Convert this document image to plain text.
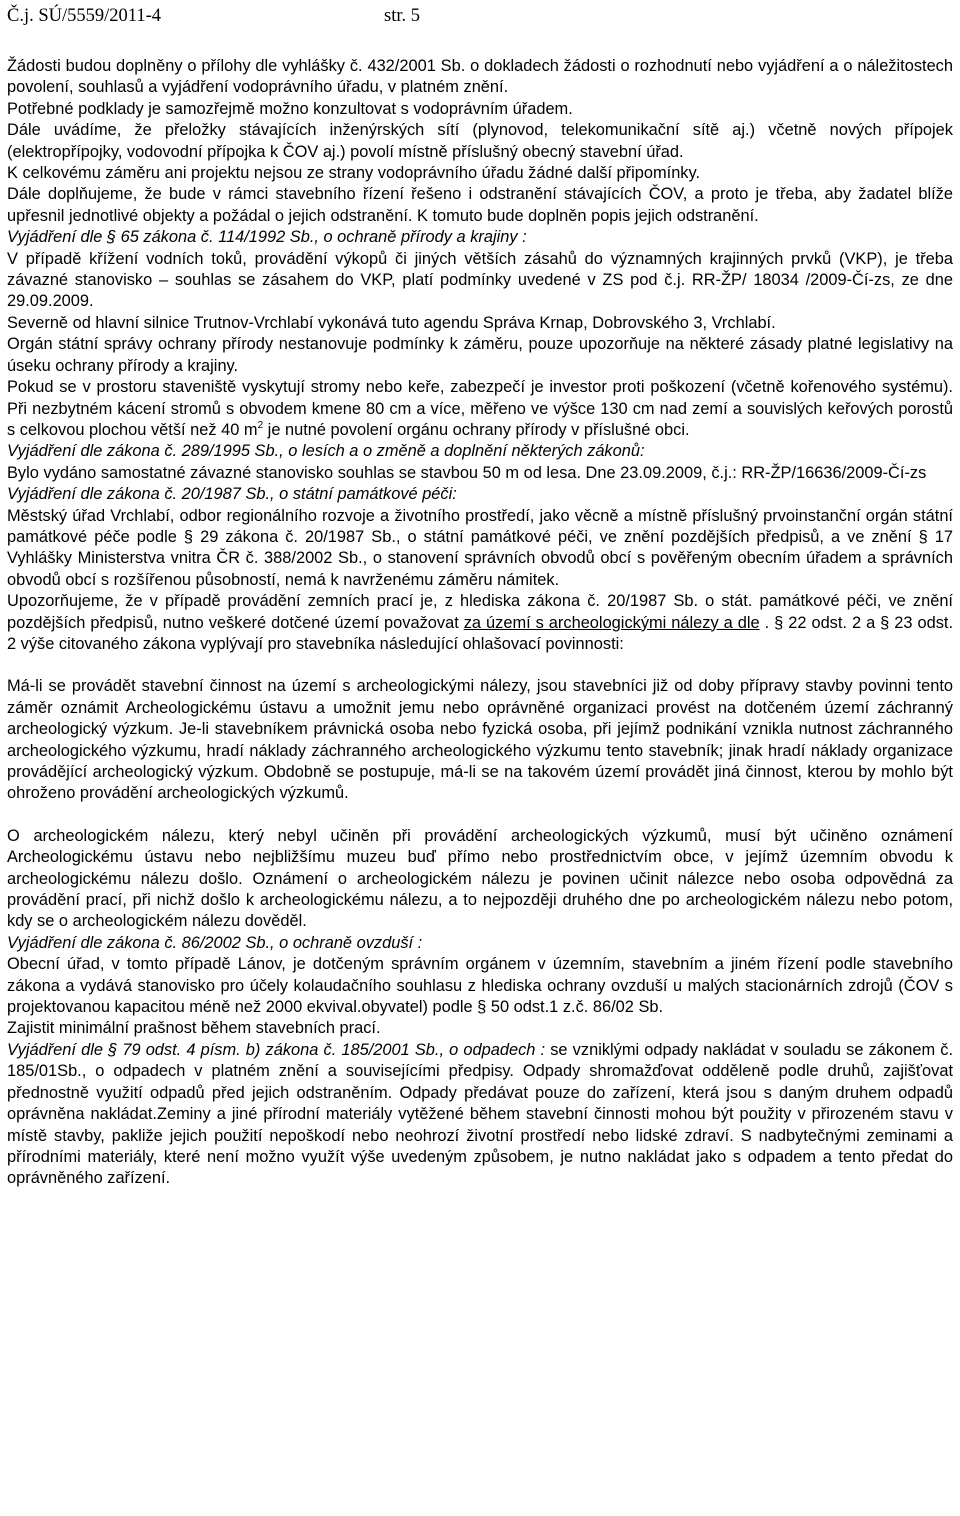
Č.j. SÚ/5559/2011-4	str. 5

Žádosti budou doplněny o přílohy dle vyhlášky č. 432/2001 Sb. o dokladech žádosti o rozhodnutí nebo vyjádření a o náležitostech povolení, souhlasů a vyjádření vodoprávního úřadu, v platném znění.

Potřebné podklady je samozřejmě možno konzultovat s vodoprávním úřadem.

Dále uvádíme, že přeložky stávajících inženýrských sítí (plynovod, telekomunikační sítě aj.) včetně nových přípojek (elektropřípojky, vodovodní přípojka k ČOV aj.) povolí místně příslušný obecný stavební úřad.

K celkovému záměru ani projektu nejsou ze strany vodoprávního úřadu žádné další připomínky.

Dále doplňujeme, že bude v rámci stavebního řízení řešeno i odstranění stávajících ČOV, a proto je třeba, aby žadatel blíže upřesnil jednotlivé objekty a požádal o jejich odstranění. K tomuto bude doplněn popis jejich odstranění.

Vyjádření dle § 65 zákona č. 114/1992 Sb., o ochraně přírody a krajiny :

V případě křížení vodních toků, provádění výkopů či jiných větších zásahů do významných krajinných prvků (VKP), je třeba závazné stanovisko – souhlas se zásahem do VKP, platí podmínky uvedené v ZS pod č.j. RR-ŽP/ 18034 /2009-Čí-zs, ze dne 29.09.2009.

Severně od hlavní silnice Trutnov-Vrchlabí vykonává tuto agendu Správa Krnap, Dobrovského 3, Vrchlabí.

Orgán státní správy ochrany přírody nestanovuje podmínky k záměru, pouze upozorňuje na některé zásady platné legislativy na úseku ochrany přírody a krajiny.

Pokud se v prostoru staveniště vyskytují stromy nebo keře, zabezpečí je investor proti poškození (včetně kořenového systému). Při nezbytném kácení stromů s obvodem kmene 80 cm a více, měřeno ve výšce 130 cm nad zemí a souvislých keřových porostů s celkovou plochou větší než 40 $m^2$ je nutné povolení orgánu ochrany přírody v příslušné obci.

Vyjádření dle zákona č. 289/1995 Sb., o lesích a o změně a doplnění některých zákonů:

Bylo vydáno samostatné závazné stanovisko souhlas se stavbou 50 m od lesa. Dne 23.09.2009, č.j.: RR-ŽP/16636/2009-Čí-zs

Vyjádření dle zákona č. 20/1987 Sb., o státní památkové péči:

Městský úřad Vrchlabí, odbor regionálního rozvoje a životního prostředí, jako věcně a místně příslušný prvoinstanční orgán státní památkové péče podle § 29 zákona č. 20/1987 Sb., o státní památkové péči, ve znění pozdějších předpisů, a ve znění § 17 Vyhlášky Ministerstva vnitra ČR č. 388/2002 Sb., o stanovení správních obvodů obcí s pověřeným obecním úřadem a správních obvodů obcí s rozšířenou působností, nemá k navrženému záměru námitek.

Upozorňujeme, že v případě provádění zemních prací je, z hlediska zákona č. 20/1987 Sb. o stát. památkové péči, ve znění pozdějších předpisů, nutno veškeré dotčené území považovat za území s archeologickými nálezy a dle . § 22 odst. 2 a § 23 odst. 2 výše citovaného zákona vyplývají pro stavebníka následující ohlašovací povinnosti:

Má-li se provádět stavební činnost na území s archeologickými nálezy, jsou stavebníci již od doby přípravy stavby povinni tento záměr oznámit Archeologickému ústavu a umožnit jemu nebo oprávněné organizaci provést na dotčeném území záchranný archeologický výzkum. Je-li stavebníkem právnická osoba nebo fyzická osoba, při jejímž podnikání vznikla nutnost záchranného archeologického výzkumu, hradí náklady záchranného archeologického výzkumu tento stavebník; jinak hradí náklady organizace provádějící archeologický výzkum. Obdobně se postupuje, má-li se na takovém území provádět jiná činnost, kterou by mohlo být ohroženo provádění archeologických výzkumů.

O archeologickém nálezu, který nebyl učiněn při provádění archeologických výzkumů, musí být učiněno oznámení Archeologickému ústavu nebo nejbližšímu muzeu buď přímo nebo prostřednictvím obce, v jejímž územním obvodu k archeologickému nálezu došlo. Oznámení o archeologickém nálezu je povinen učinit nálezce nebo osoba odpovědná za provádění prací, při nichž došlo k archeologickému nálezu, a to nejpozději druhého dne po archeologickém nálezu nebo potom, kdy se o archeologickém nálezu dověděl.

Vyjádření dle zákona č. 86/2002 Sb., o ochraně ovzduší :

Obecní úřad, v tomto případě Lánov, je dotčeným správním orgánem v územním, stavebním a jiném řízení podle stavebního zákona a vydává stanovisko pro účely kolaudačního souhlasu z hlediska ochrany ovzduší u malých stacionárních zdrojů (ČOV s projektovanou kapacitou méně než 2000 ekvival.obyvatel) podle § 50 odst.1 z.č. 86/02 Sb.

Zajistit minimální prašnost během stavebních prací.

Vyjádření dle § 79 odst. 4 písm. b) zákona č. 185/2001 Sb., o odpadech : se vzniklými odpady nakládat v souladu se zákonem č. 185/01Sb., o odpadech v platném znění a souvisejícími předpisy. Odpady shromažďovat odděleně podle druhů, zajišťovat přednostně využití odpadů před jejich odstraněním. Odpady předávat pouze do zařízení, která jsou s daným druhem odpadů oprávněna nakládat.Zeminy a jiné přírodní materiály vytěžené během stavební činnosti mohou být použity v přirozeném stavu v místě stavby, pakliže jejich použití nepoškodí nebo neohrozí životní prostředí nebo lidské zdraví. S nadbytečnými zeminami a přírodními materiály, které není možno využít výše uvedeným způsobem, je nutno nakládat jako s odpadem a tento předat do oprávněného zařízení.
